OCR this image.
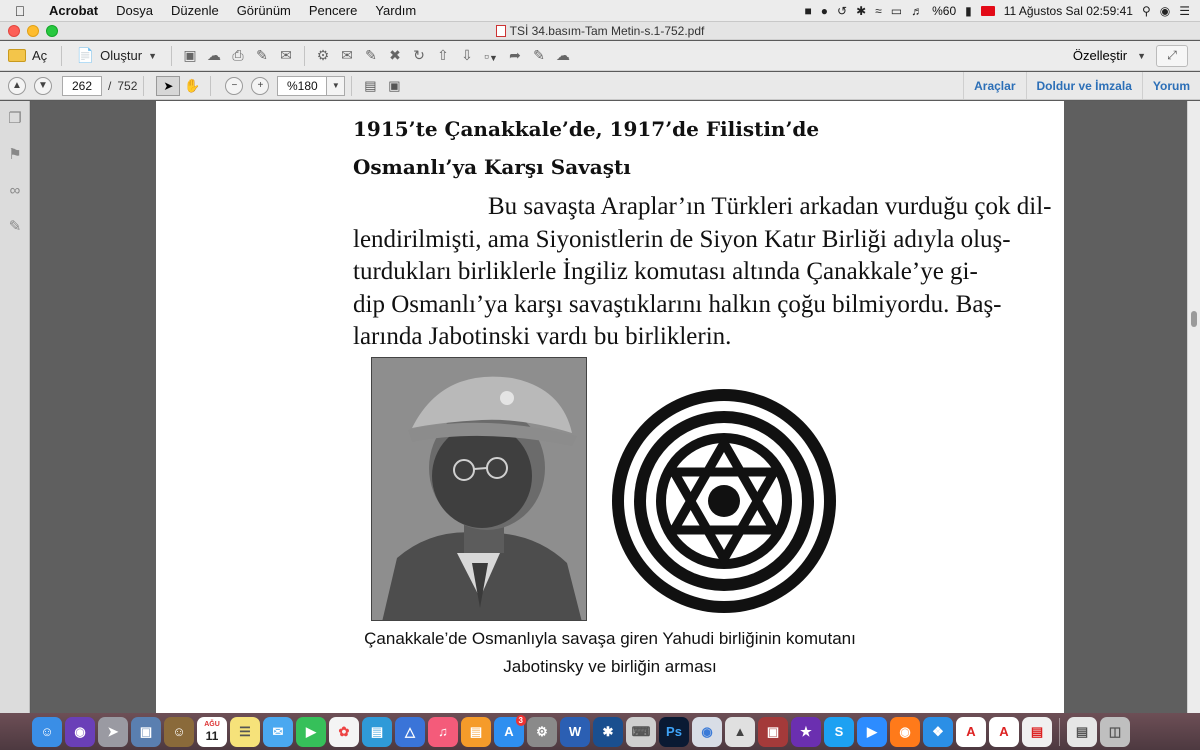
Acrobat	Dosya	Düzenle	Görünüm	Pencere	Yardım	■ ● ↺ ✱ ≈ ▭ ♬ %60 ▮	11 Ağustos Sal 02:59:41 ⚲ ◉ ☰
TSİ 34.basım-Tam Metin-s.1-752.pdf
Aç 📄 Oluştur ▼	▣ ☁ ⎙ ✎ ✉	⚙ ✉ ✎ ✖ ↻ ⇧ ⇩ ▫▼ ➦ ✎ ☁	Özelleştir ▼	⤢
▲	▼	262	/ 752	➤ ✋	−	+	%180	▼	▤ ▣	Araçlar	Doldur ve İmzala	Yorum
❐
⚑
∞
✎
1915’te Çanakkale’de, 1917’de Filistin’de
Osmanlı’ya Karşı Savaştı
Bu savaşta Araplar’ın Türkleri arkadan vurduğu çok dil-
lendirilmişti, ama Siyonistlerin de Siyon Katır Birliği adıyla oluş-
turdukları birliklerle İngiliz komutası altında Çanakkale’ye gi-
dip Osmanlı’ya karşı savaştıklarını halkın çoğu bilmiyordu. Baş-
larında Jabotinski vardı bu birliklerin.
Çanakkale’de Osmanlıyla savaşa giren Yahudi birliğinin komutanı
Jabotinsky ve birliğin arması
☺	◉	➤	▣	☺	AĞU
11	☰	✉	▶	✿	▤	△	♫	▤	A
3
⚙	W	✱	⌨	Ps	◉	▲	▣	★	S	▶	◉	❖	A	A	▤	▤	◫
